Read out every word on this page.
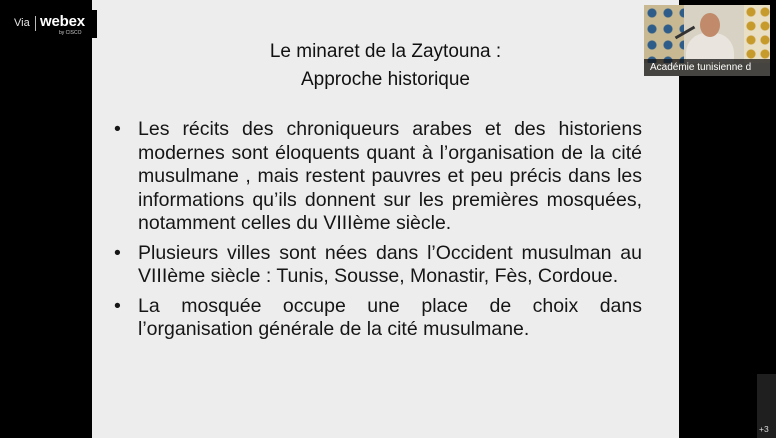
Le minaret de la Zaytouna :
Approche historique
• Les récits des chroniqueurs arabes et des historiens modernes sont éloquents quant à l’organisation de la cité musulmane , mais restent pauvres et peu précis dans les informations qu’ils donnent sur les premières mosquées, notamment celles du VIIIème siècle.
• Plusieurs villes sont nées dans l’Occident musulman au VIIIème siècle : Tunis, Sousse, Monastir, Fès, Cordoue.
• La mosquée occupe une place de choix dans l’organisation générale de la cité musulmane.
Via webex
by CISCO
Académie tunisienne d
+3
